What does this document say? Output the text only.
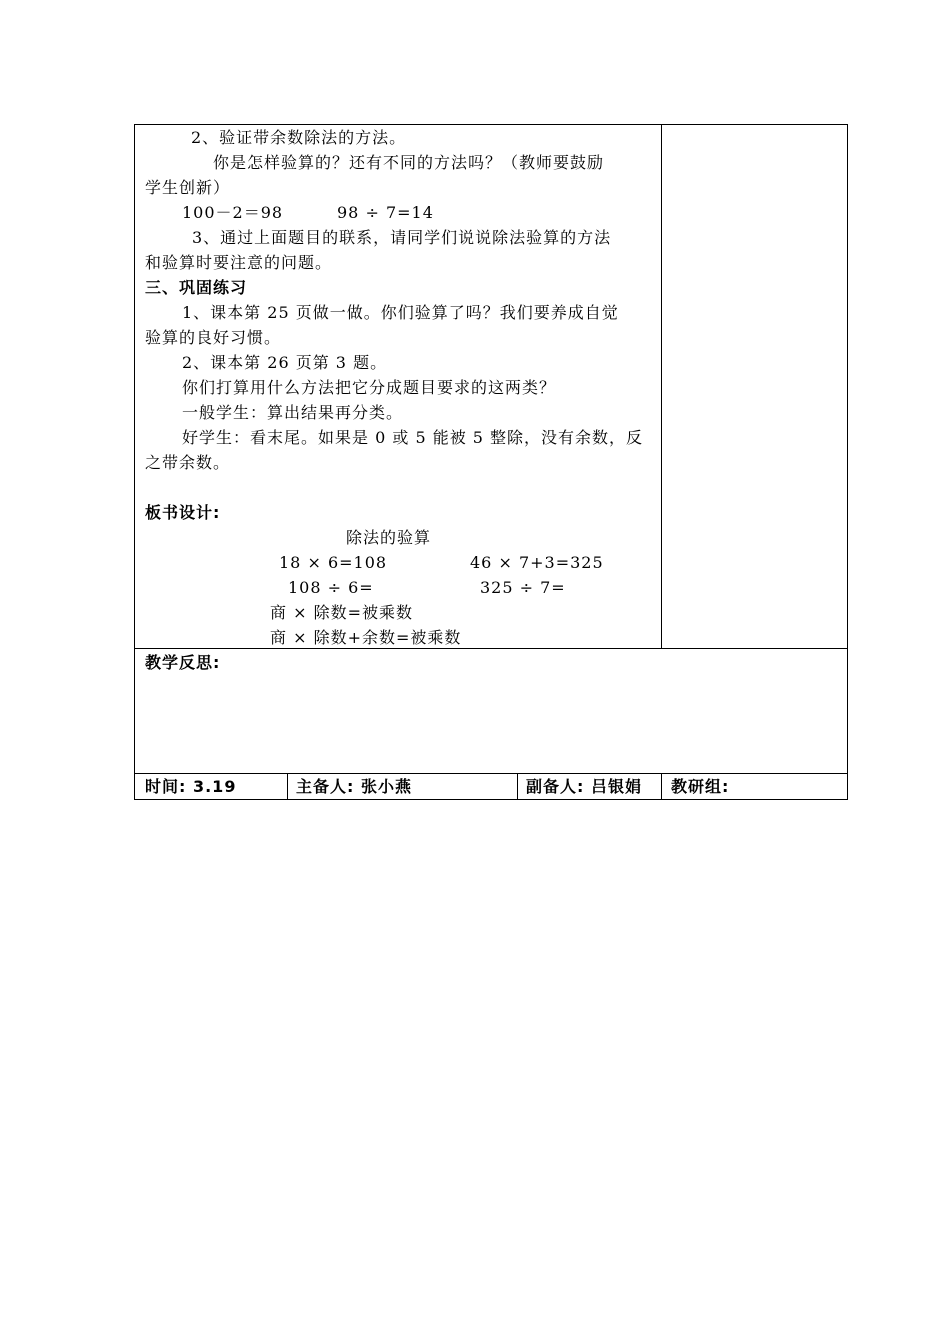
2、验证带余数除法的方法。
你是怎样验算的？还有不同的方法吗？（教师要鼓励
学生创新）
100－2＝98	98 ÷ 7=14
3、通过上面题目的联系，请同学们说说除法验算的方法
和验算时要注意的问题。
三、巩固练习
1、课本第 25 页做一做。你们验算了吗？我们要养成自觉
验算的良好习惯。
2、课本第 26 页第 3 题。
你们打算用什么方法把它分成题目要求的这两类？
一般学生：算出结果再分类。
好学生：看末尾。如果是 0 或 5 能被 5 整除，没有余数，反
之带余数。
板书设计:
除法的验算
18 × 6=108	46 × 7+3=325
108 ÷ 6=	325 ÷ 7=
商 × 除数=被乘数
商 × 除数+余数=被乘数
教学反思:
时间: 3.19	主备人: 张小燕	副备人: 吕银娟 教研组:
